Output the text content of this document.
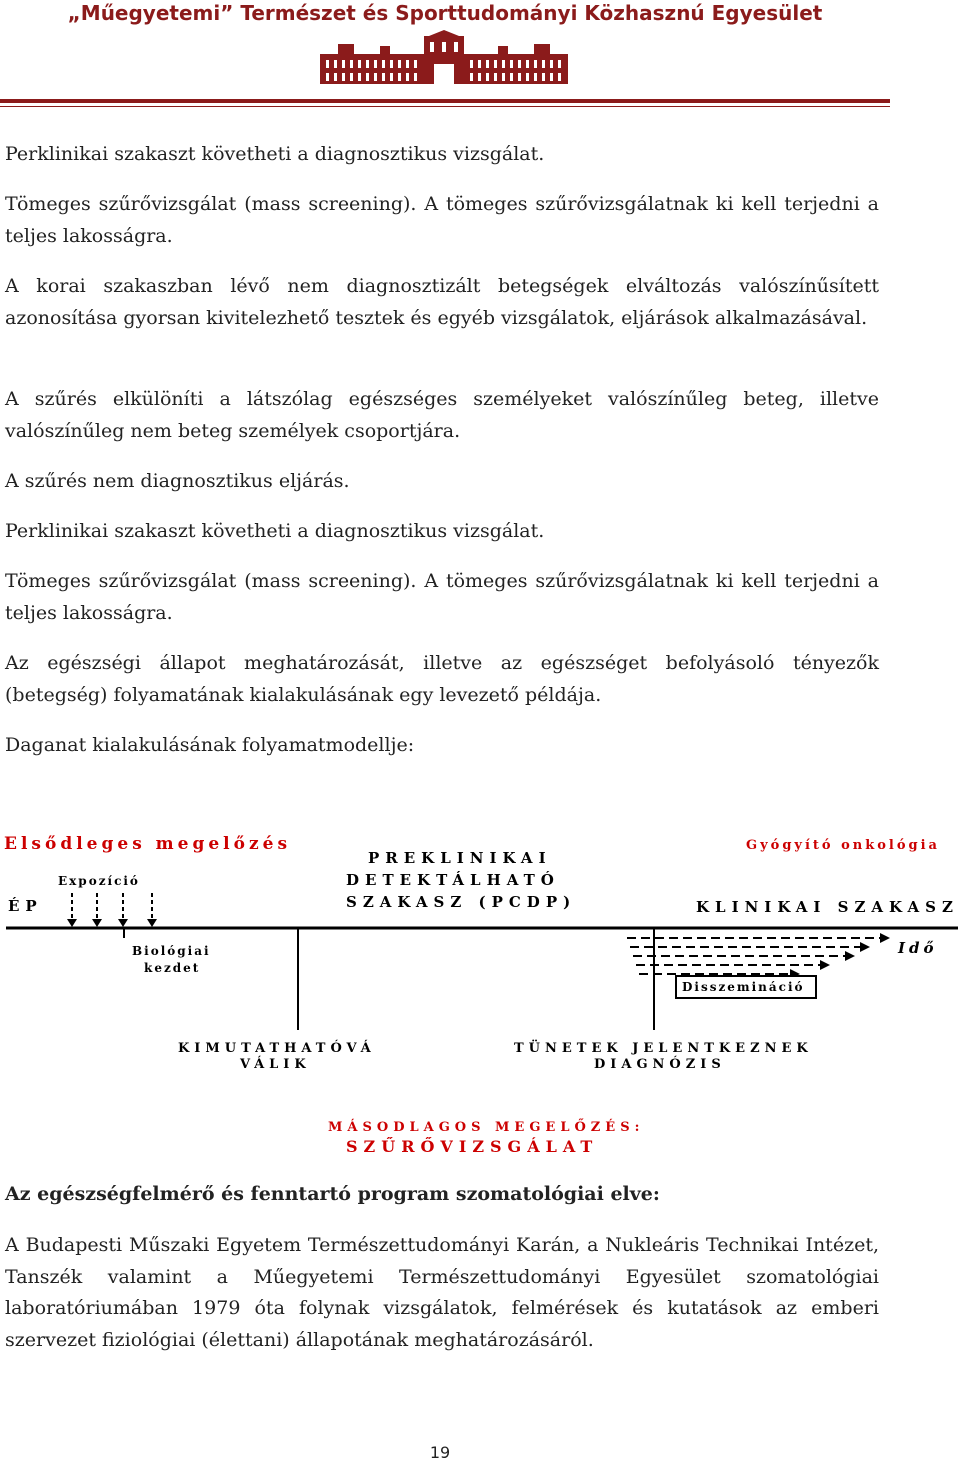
„Műegyetemi” Természet és Sporttudományi Közhasznú Egyesület

Perklinikai szakaszt követheti a diagnosztikus vizsgálat.

Tömeges szűrővizsgálat (mass screening). A tömeges szűrővizsgálatnak ki kell terjedni a teljes lakosságra.

A korai szakaszban lévő nem diagnosztizált betegségek elváltozás valószínűsített azonosítása gyorsan kivitelezhető tesztek és egyéb vizsgálatok, eljárások alkalmazásával.

A szűrés elkülöníti a látszólag egészséges személyeket valószínűleg beteg, illetve valószínűleg nem beteg személyek csoportjára.

A szűrés nem diagnosztikus eljárás.

Perklinikai szakaszt követheti a diagnosztikus vizsgálat.

Tömeges szűrővizsgálat (mass screening). A tömeges szűrővizsgálatnak ki kell terjedni a teljes lakosságra.

Az egészségi állapot meghatározását, illetve az egészséget befolyásoló tényezők (betegség) folyamatának kialakulásának egy levezető példája.

Daganat kialakulásának folyamatmodellje:

Elsődleges megelőzés	Gyógyító onkológia
PREKLINIKAI
DETEKTÁLHATÓ
SZAKASZ (PCDP)
Expozíció
ÉP	KLINIKAI SZAKASZ
Biológiai
kezdet
Idő
Disszemináció
KIMUTATHATÓVÁ
VÁLIK
TÜNETEK JELENTKEZNEK
DIAGNÓZIS
MÁSODLAGOS MEGELŐZÉS:
SZŰRŐVIZSGÁLAT

Az egészségfelmérő és fenntartó program szomatológiai elve:

A Budapesti Műszaki Egyetem Természettudományi Karán, a Nukleáris Technikai Intézet, Tanszék valamint a Műegyetemi Természettudományi Egyesület szomatológiai laboratóriumában 1979 óta folynak vizsgálatok, felmérések és kutatások az emberi szervezet fiziológiai (élettani) állapotának meghatározásáról.

19
